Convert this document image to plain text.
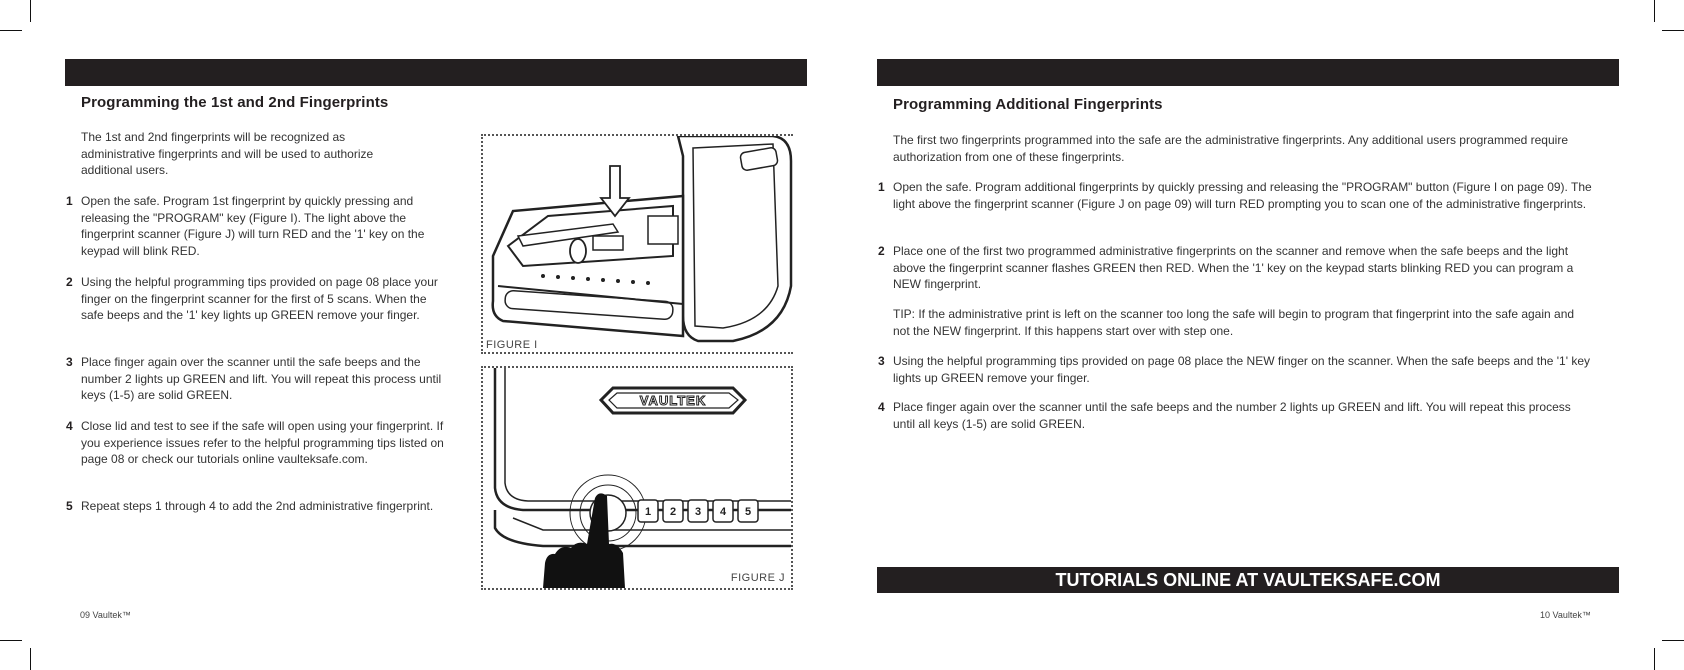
Programming the 1st and 2nd Fingerprints

The 1st and 2nd fingerprints will be recognized as administrative fingerprints and will be used to authorize additional users.

1 Open the safe. Program 1st fingerprint by quickly pressing and releasing the "PROGRAM" key (Figure I). The light above the fingerprint scanner (Figure J) will turn RED and the '1' key on the keypad will blink RED.
2 Using the helpful programming tips provided on page 08 place your finger on the fingerprint scanner for the first of 5 scans. When the safe beeps and the '1' key lights up GREEN remove your finger.
3 Place finger again over the scanner until the safe beeps and the number 2 lights up GREEN and lift. You will repeat this process until keys (1-5) are solid GREEN.
4 Close lid and test to see if the safe will open using your fingerprint. If you experience issues refer to the helpful programming tips listed on page 08 or check our tutorials online vaulteksafe.com.
5 Repeat steps 1 through 4 to add the 2nd administrative fingerprint.
FIGURE I
VAULTEK
1 2 3 4 5
FIGURE J
09 Vaultek™
Programming Additional Fingerprints

The first two fingerprints programmed into the safe are the administrative fingerprints. Any additional users programmed require authorization from one of these fingerprints.

1 Open the safe. Program additional fingerprints by quickly pressing and releasing the "PROGRAM" button (Figure I on page 09). The light above the fingerprint scanner (Figure J on page 09) will turn RED prompting you to scan one of the administrative fingerprints.
2 Place one of the first two programmed administrative fingerprints on the scanner and remove when the safe beeps and the light above the fingerprint scanner flashes GREEN then RED. When the '1' key on the keypad starts blinking RED you can program a NEW fingerprint.
TIP: If the administrative print is left on the scanner too long the safe will begin to program that fingerprint into the safe again and not the NEW fingerprint. If this happens start over with step one.
3 Using the helpful programming tips provided on page 08 place the NEW finger on the scanner. When the safe beeps and the '1' key lights up GREEN remove your finger.
4 Place finger again over the scanner until the safe beeps and the number 2 lights up GREEN and lift. You will repeat this process until all keys (1-5) are solid GREEN.
TUTORIALS ONLINE AT VAULTEKSAFE.COM
10 Vaultek™
